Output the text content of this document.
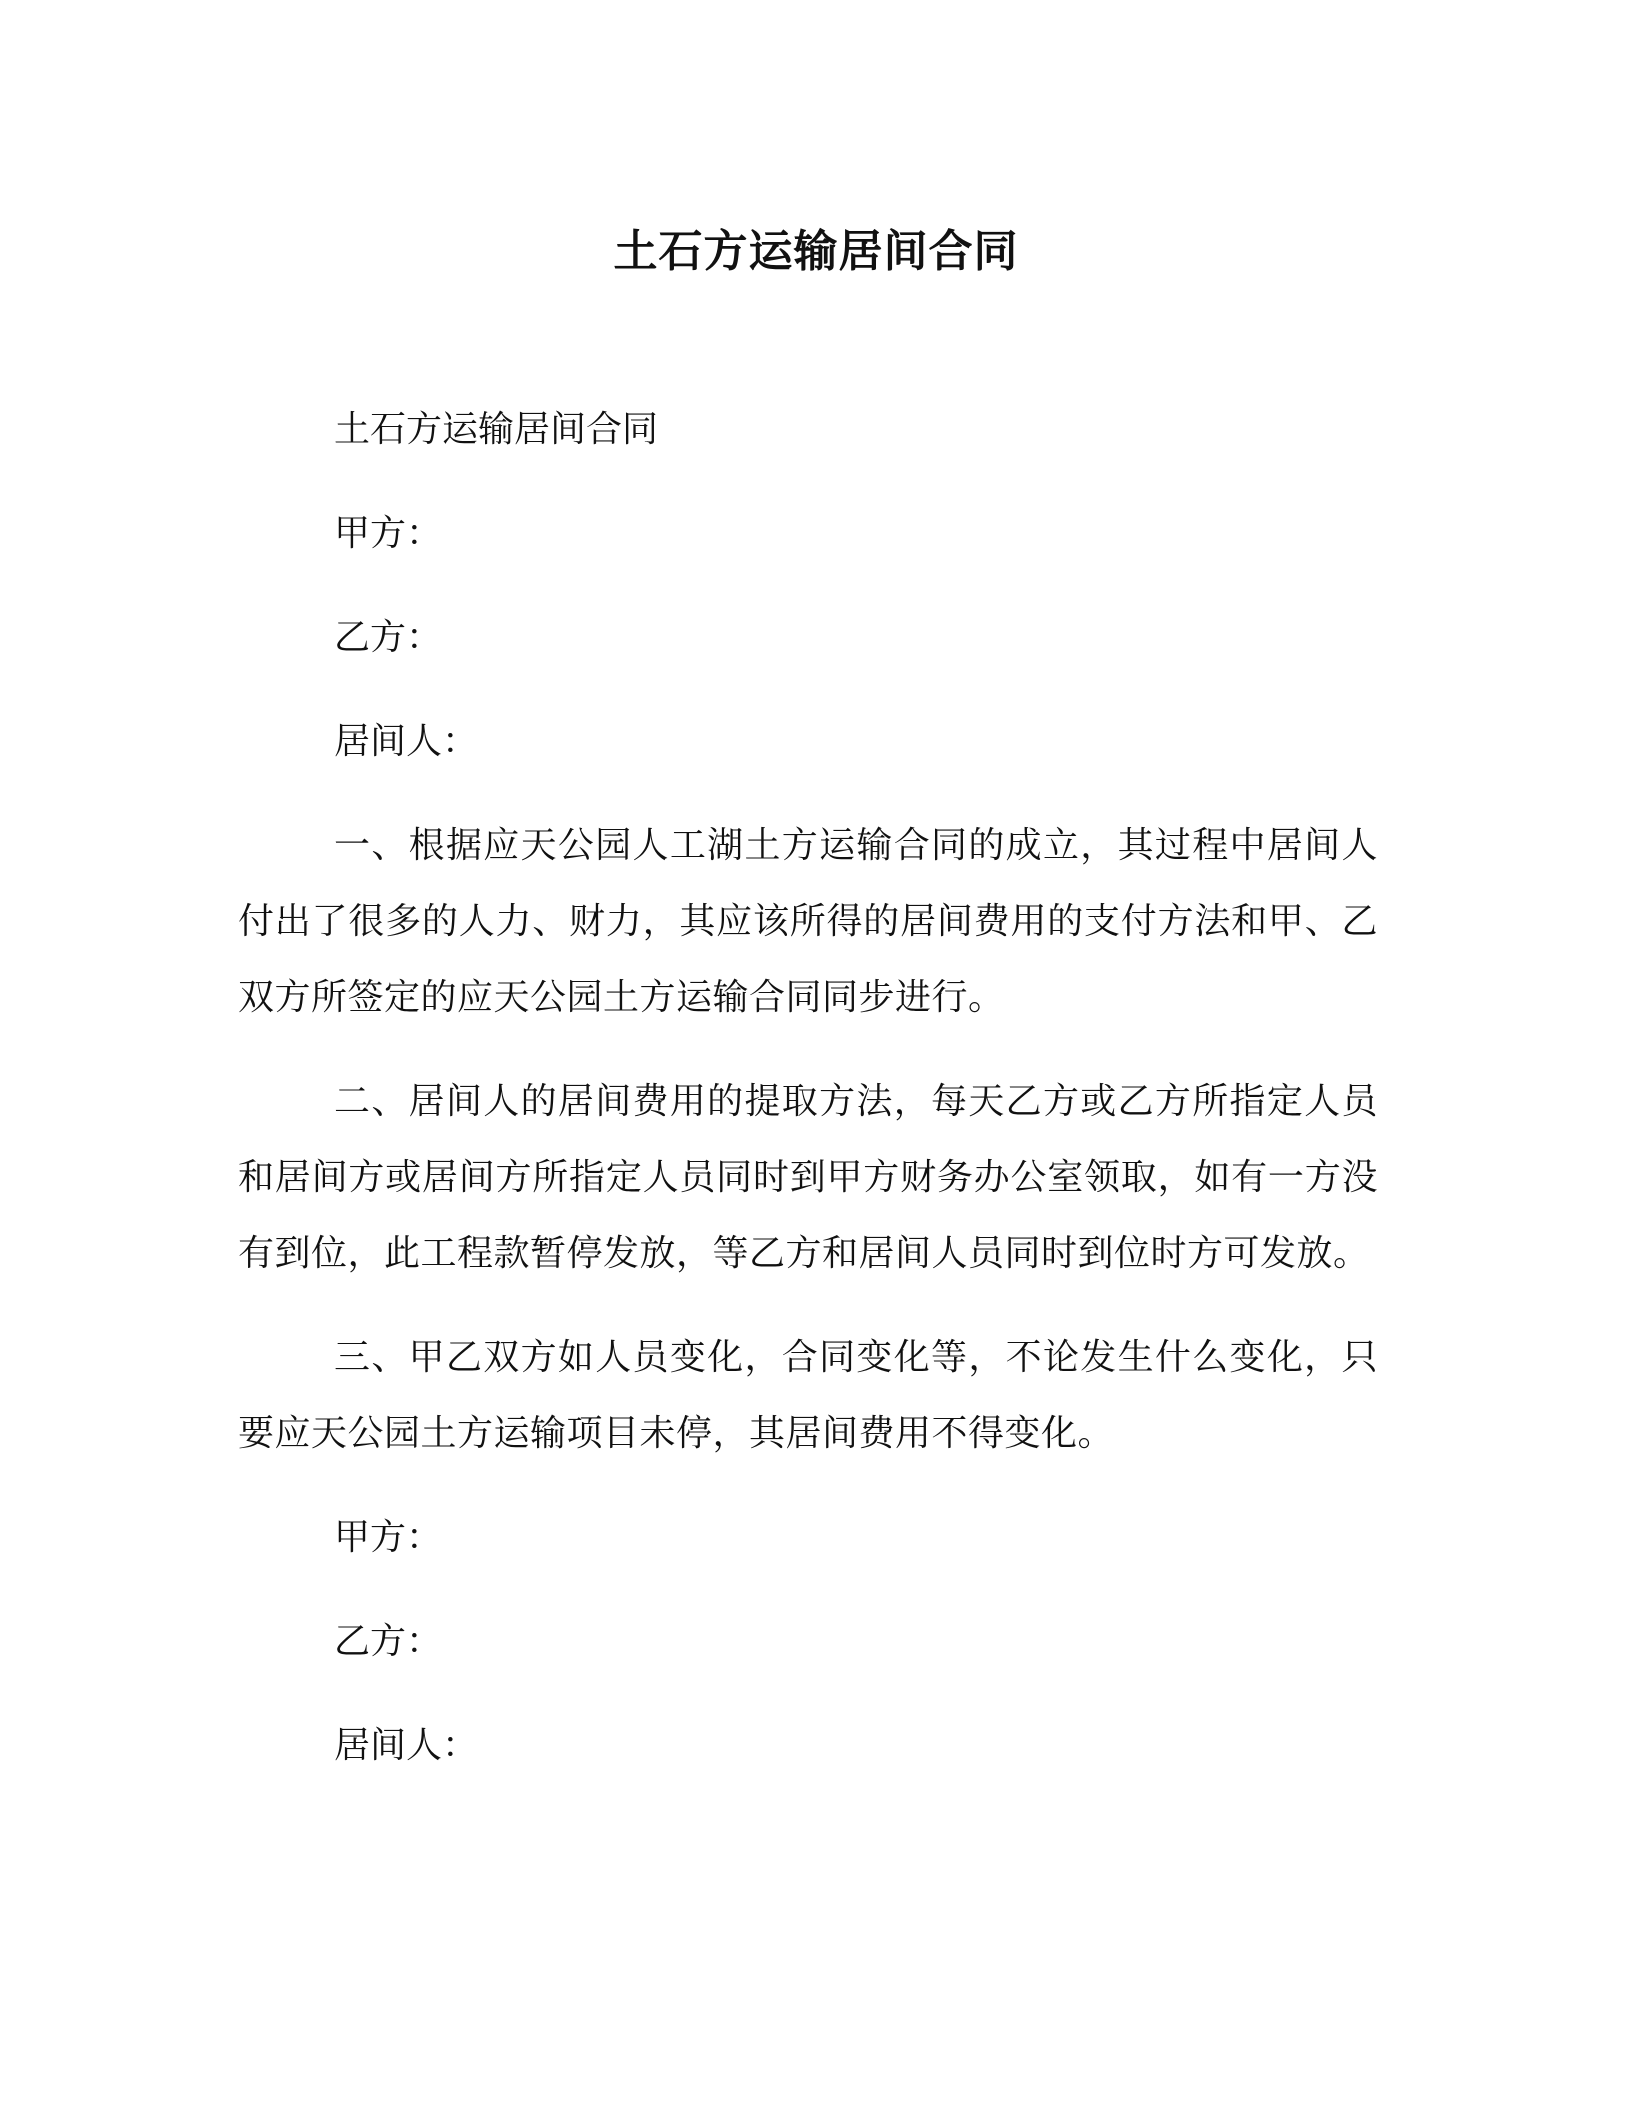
土石方运输居间合同

土石方运输居间合同

甲方：

乙方：

居间人：

一、根据应天公园人工湖土方运输合同的成立，其过程中居间人付出了很多的人力、财力，其应该所得的居间费用的支付方法和甲、乙双方所签定的应天公园土方运输合同同步进行。

二、居间人的居间费用的提取方法，每天乙方或乙方所指定人员和居间方或居间方所指定人员同时到甲方财务办公室领取，如有一方没有到位，此工程款暂停发放，等乙方和居间人员同时到位时方可发放。

三、甲乙双方如人员变化，合同变化等，不论发生什么变化，只要应天公园土方运输项目未停，其居间费用不得变化。

甲方：

乙方：

居间人：
